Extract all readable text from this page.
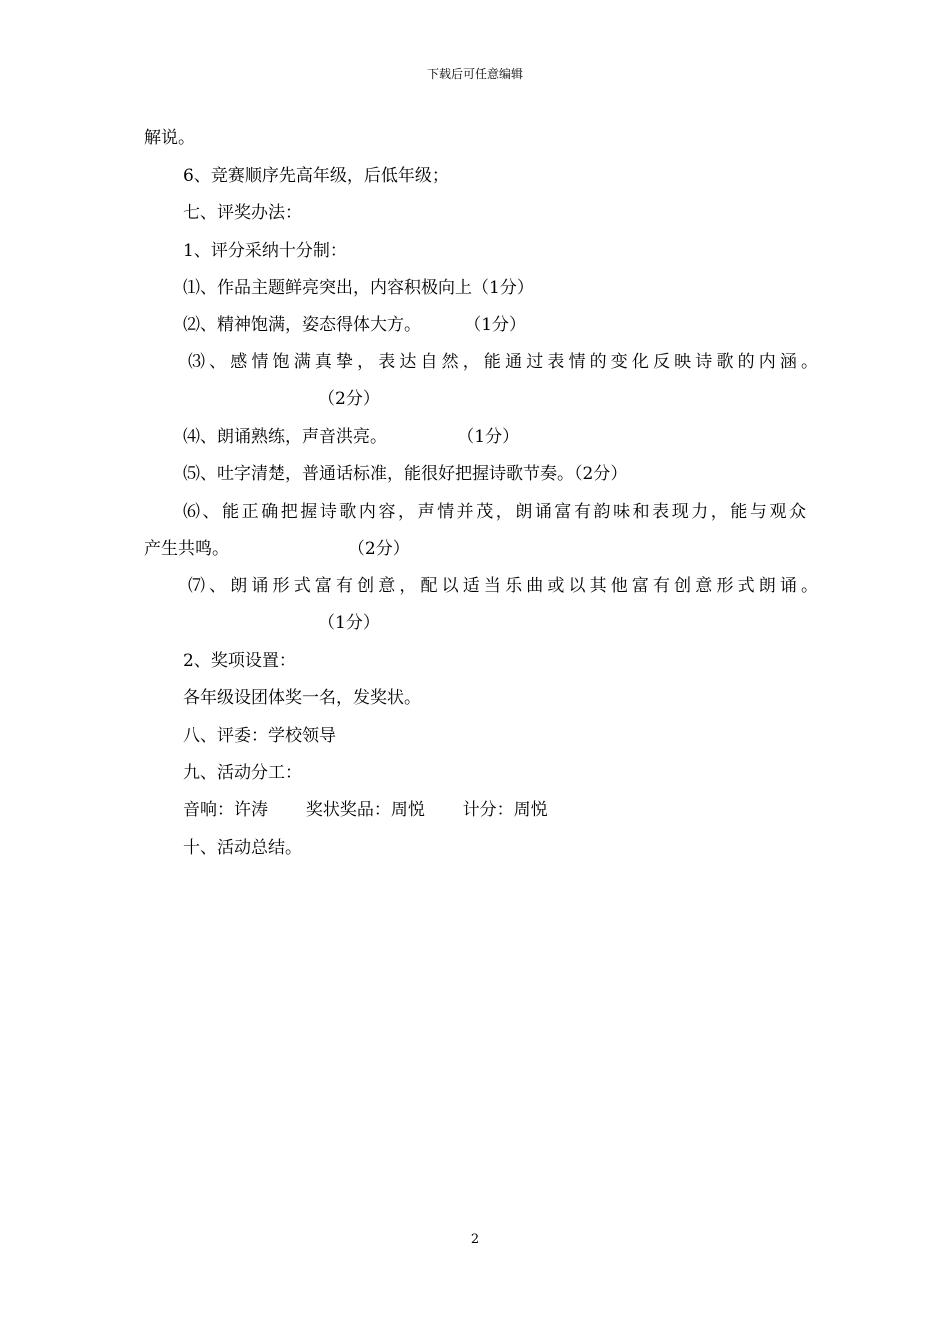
下载后可任意编辑
解说。
6、竞赛顺序先高年级，后低年级；
七、评奖办法：
1、评分采纳十分制：
⑴、作品主题鲜亮突出，内容积极向上（1分）
⑵、精神饱满，姿态得体大方。        （1分）
⑶、感情饱满真挚，表达自然，能通过表情的变化反映诗歌的内涵。
（2分）
⑷、朗诵熟练，声音洪亮。             （1分）
⑸、吐字清楚，普通话标准，能很好把握诗歌节奏。（2分）
⑹、能正确把握诗歌内容，声情并茂，朗诵富有韵味和表现力，能与观众
产生共鸣。                      （2分）
⑺、朗诵形式富有创意，配以适当乐曲或以其他富有创意形式朗诵。
（1分）
2、奖项设置：
各年级设团体奖一名，发奖状。
八、评委：学校领导
九、活动分工：
音响：许涛       奖状奖品：周悦       计分：周悦
十、活动总结。
2
